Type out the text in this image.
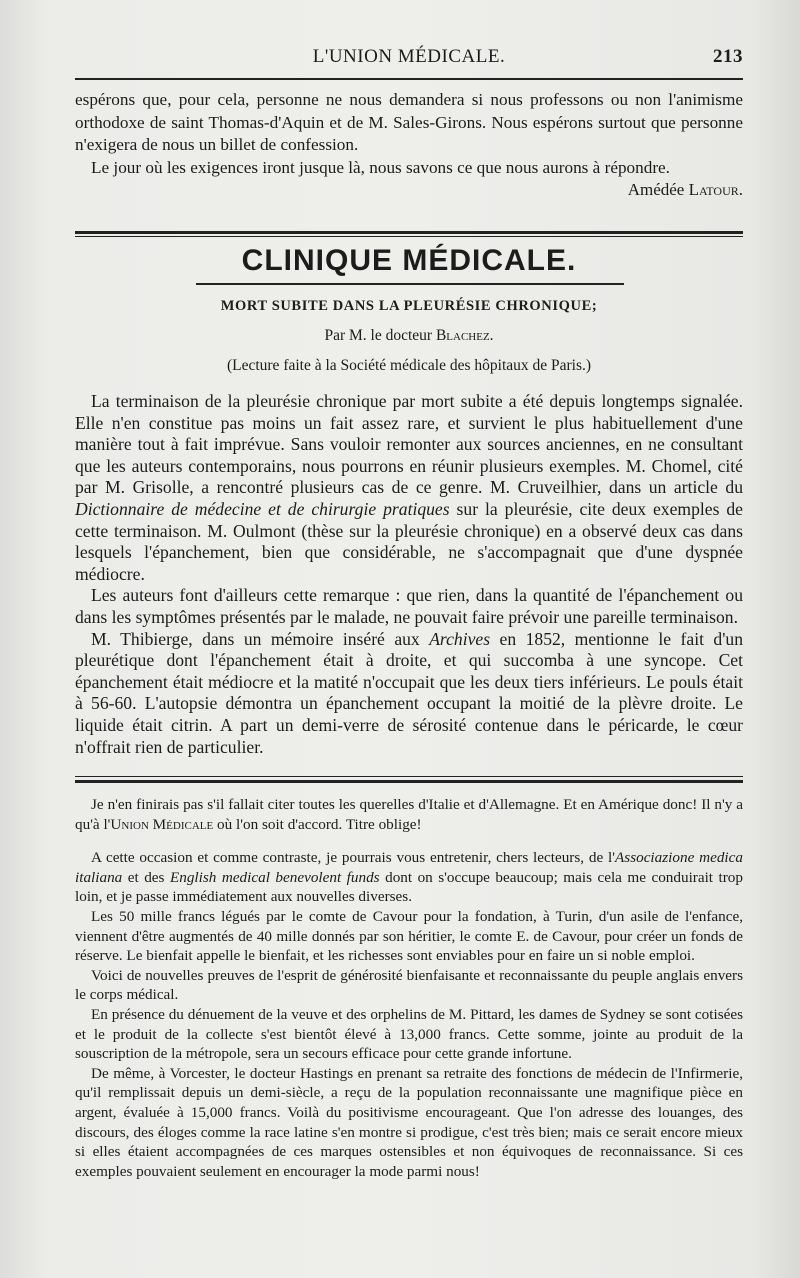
L'UNION MÉDICALE.	213

espérons que, pour cela, personne ne nous demandera si nous professons ou non l'animisme orthodoxe de saint Thomas-d'Aquin et de M. Sales-Girons. Nous espérons surtout que personne n'exigera de nous un billet de confession.

Le jour où les exigences iront jusque là, nous savons ce que nous aurons à répondre.

Amédée Latour.
CLINIQUE MÉDICALE.
MORT SUBITE DANS LA PLEURÉSIE CHRONIQUE;
Par M. le docteur Blachez.
(Lecture faite à la Société médicale des hôpitaux de Paris.)

La terminaison de la pleurésie chronique par mort subite a été depuis longtemps signalée. Elle n'en constitue pas moins un fait assez rare, et survient le plus habituellement d'une manière tout à fait imprévue. Sans vouloir remonter aux sources anciennes, en ne consultant que les auteurs contemporains, nous pourrons en réunir plusieurs exemples. M. Chomel, cité par M. Grisolle, a rencontré plusieurs cas de ce genre. M. Cruveilhier, dans un article du Dictionnaire de médecine et de chirurgie pratiques sur la pleurésie, cite deux exemples de cette terminaison. M. Oulmont (thèse sur la pleurésie chronique) en a observé deux cas dans lesquels l'épanchement, bien que considérable, ne s'accompagnait que d'une dyspnée médiocre.

Les auteurs font d'ailleurs cette remarque : que rien, dans la quantité de l'épanchement ou dans les symptômes présentés par le malade, ne pouvait faire prévoir une pareille terminaison.

M. Thibierge, dans un mémoire inséré aux Archives en 1852, mentionne le fait d'un pleurétique dont l'épanchement était à droite, et qui succomba à une syncope. Cet épanchement était médiocre et la matité n'occupait que les deux tiers inférieurs. Le pouls était à 56-60. L'autopsie démontra un épanchement occupant la moitié de la plèvre droite. Le liquide était citrin. A part un demi-verre de sérosité contenue dans le péricarde, le cœur n'offrait rien de particulier.

Je n'en finirais pas s'il fallait citer toutes les querelles d'Italie et d'Allemagne. Et en Amérique donc! Il n'y a qu'à l'Union Médicale où l'on soit d'accord. Titre oblige!

A cette occasion et comme contraste, je pourrais vous entretenir, chers lecteurs, de l'Associazione medica italiana et des English medical benevolent funds dont on s'occupe beaucoup; mais cela me conduirait trop loin, et je passe immédiatement aux nouvelles diverses.

Les 50 mille francs légués par le comte de Cavour pour la fondation, à Turin, d'un asile de l'enfance, viennent d'être augmentés de 40 mille donnés par son héritier, le comte E. de Cavour, pour créer un fonds de réserve. Le bienfait appelle le bienfait, et les richesses sont enviables pour en faire un si noble emploi.

Voici de nouvelles preuves de l'esprit de générosité bienfaisante et reconnaissante du peuple anglais envers le corps médical.

En présence du dénuement de la veuve et des orphelins de M. Pittard, les dames de Sydney se sont cotisées et le produit de la collecte s'est bientôt élevé à 13,000 francs. Cette somme, jointe au produit de la souscription de la métropole, sera un secours efficace pour cette grande infortune.

De même, à Vorcester, le docteur Hastings en prenant sa retraite des fonctions de médecin de l'Infirmerie, qu'il remplissait depuis un demi-siècle, a reçu de la population reconnaissante une magnifique pièce en argent, évaluée à 15,000 francs. Voilà du positivisme encourageant. Que l'on adresse des louanges, des discours, des éloges comme la race latine s'en montre si prodigue, c'est très bien; mais ce serait encore mieux si elles étaient accompagnées de ces marques ostensibles et non équivoques de reconnaissance. Si ces exemples pouvaient seulement en encourager la mode parmi nous!
